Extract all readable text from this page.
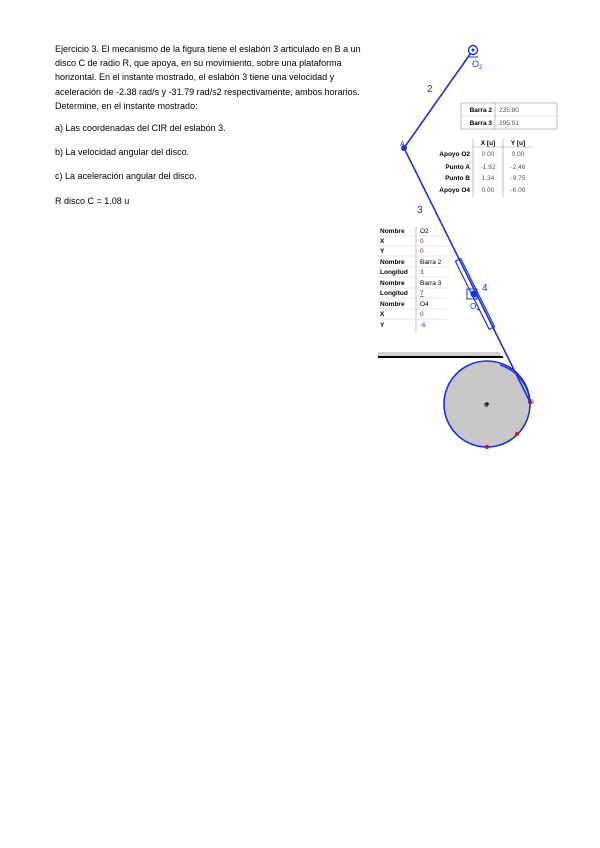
Ejercicio 3. El mecanismo de la figura tiene el eslabón 3 articulado en B a un disco C de radio R, que apoya, en su movimiento, sobre una plataforma horizontal. En el instante mostrado, el eslabón 3 tiene una velocidad y aceleración de -2.38 rad/s y -31.79 rad/s2 respectivamente, ambos horarios. Determine, en el instante mostrado:

a) Las coordenadas del CIR del eslabón 3.

b) La velocidad angular del disco.

c) La aceleración angular del disco.

R disco C = 1.08 u

$O_2$
2
A
3
4
$O_4$
B
C
Barra 2 235.80
Barra 3 295.91
X [u] Y [u]
Apoyo O2 0.00	0.00
Punto A -1.92 -2.46
Punto B 1.34	-9.75
Apoyo O4 0.00	-6.00
Nombre O2
X	0
Y	0
Nombre Barra 2
Longitud 3
Nombre Barra 3
Longitud 7
Nombre O4
X	0
Y	-6
